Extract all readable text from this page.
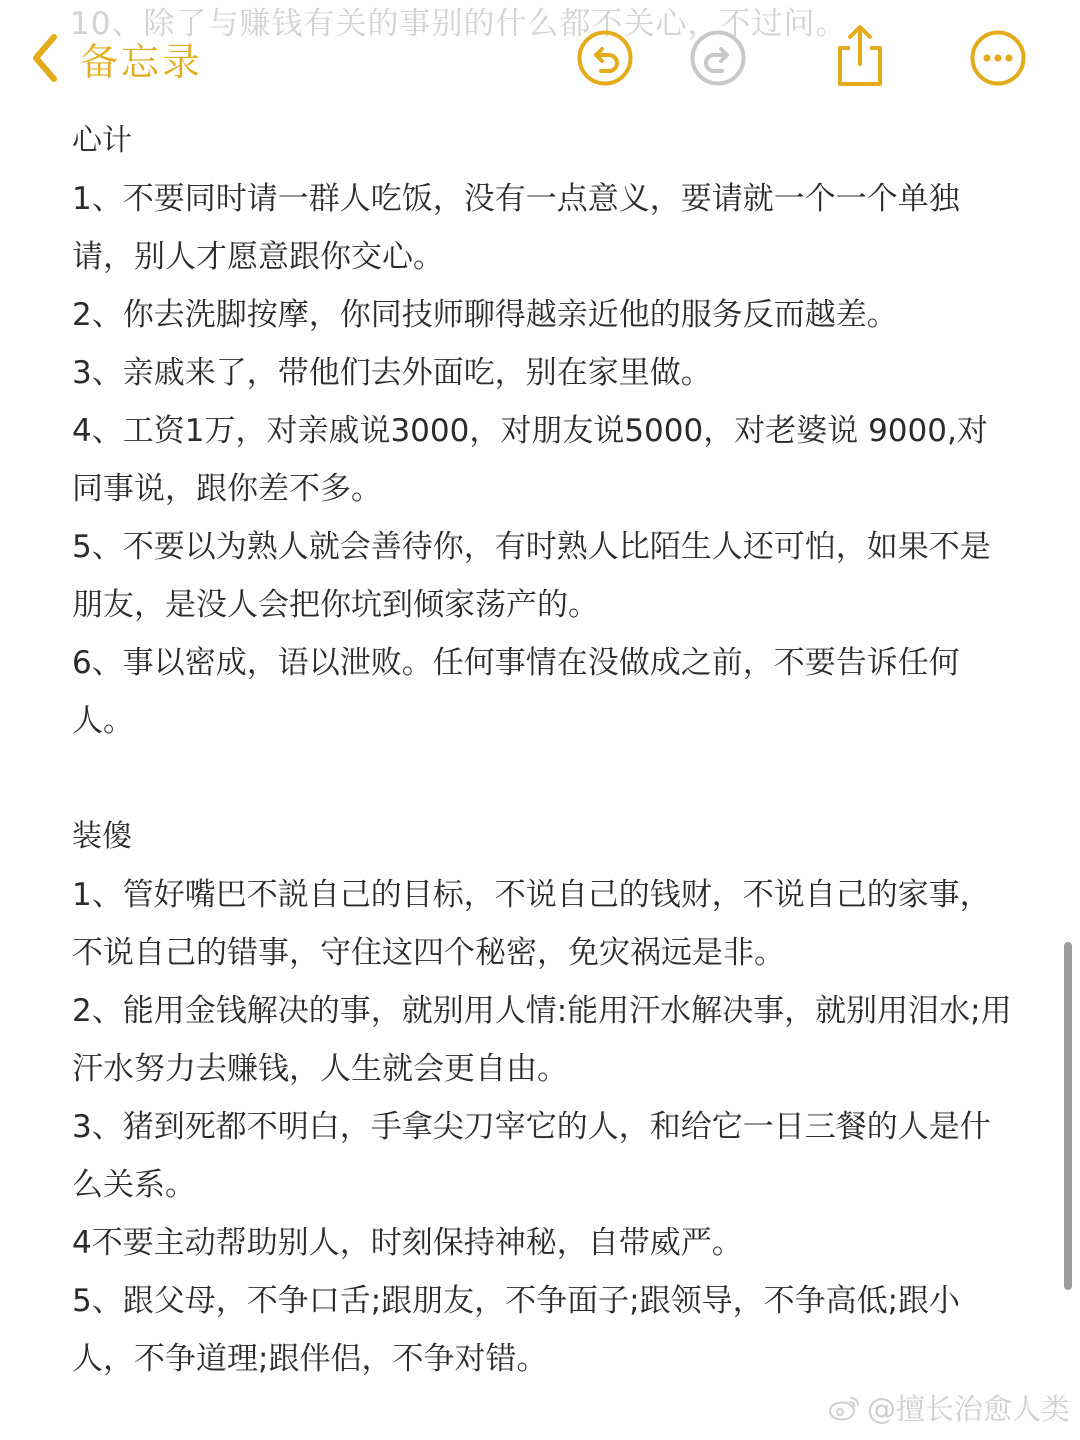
10、除了与赚钱有关的事别的什么都不关心，不过问。
备忘录
心计
1、不要同时请一群人吃饭，没有一点意义，要请就一个一个单独请，别人才愿意跟你交心。
2、你去洗脚按摩，你同技师聊得越亲近他的服务反而越差。
3、亲戚来了，带他们去外面吃，别在家里做。
4、工资1万，对亲戚说3000，对朋友说5000，对老婆说 9000,对同事说，跟你差不多。
5、不要以为熟人就会善待你，有时熟人比陌生人还可怕，如果不是朋友，是没人会把你坑到倾家荡产的。
6、事以密成，语以泄败。任何事情在没做成之前，不要告诉任何人。
装傻
1、管好嘴巴不説自己的目标，不说自己的钱财，不说自己的家事，不说自己的错事，守住这四个秘密，免灾祸远是非。
2、能用金钱解决的事，就别用人情:能用汗水解决事，就别用泪水;用汗水努力去赚钱，人生就会更自由。
3、猪到死都不明白，手拿尖刀宰它的人，和给它一日三餐的人是什么关系。
4不要主动帮助别人，时刻保持神秘，自带威严。
5、跟父母，不争口舌;跟朋友，不争面子;跟领导，不争高低;跟小人，不争道理;跟伴侣，不争对错。
@擅长治愈人类
